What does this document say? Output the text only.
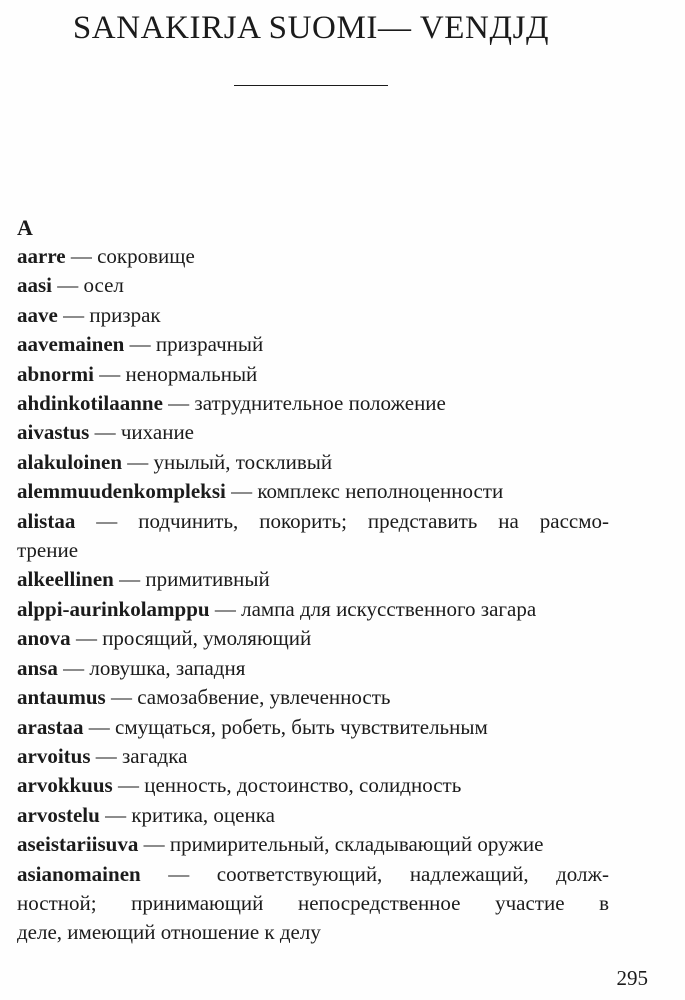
SANAKIRJA SUOMI— VENДJД
A
aarre — сокровище
aasi — осел
aave — призрак
aavemainen — призрачный
abnormi — ненормальный
ahdinkotilaanne — затруднительное положение
aivastus — чихание
alakuloinen — унылый, тоскливый
alemmuudenkompleksi — комплекс неполноценности
alistaa — подчинить, покорить; представить на рассмо-
трение
alkeellinen — примитивный
alppi-aurinkolamppu — лампа для искусственного загара
anova — просящий, умоляющий
ansa — ловушка, западня
antaumus — самозабвение, увлеченность
arastaa — смущаться, робеть, быть чувствительным
arvoitus — загадка
arvokkuus — ценность, достоинство, солидность
arvostelu — критика, оценка
aseistariisuva — примирительный, складывающий оружие
asianomainen — соответствующий, надлежащий, долж-
ностной; принимающий непосредственное участие в
деле, имеющий отношение к делу
295
